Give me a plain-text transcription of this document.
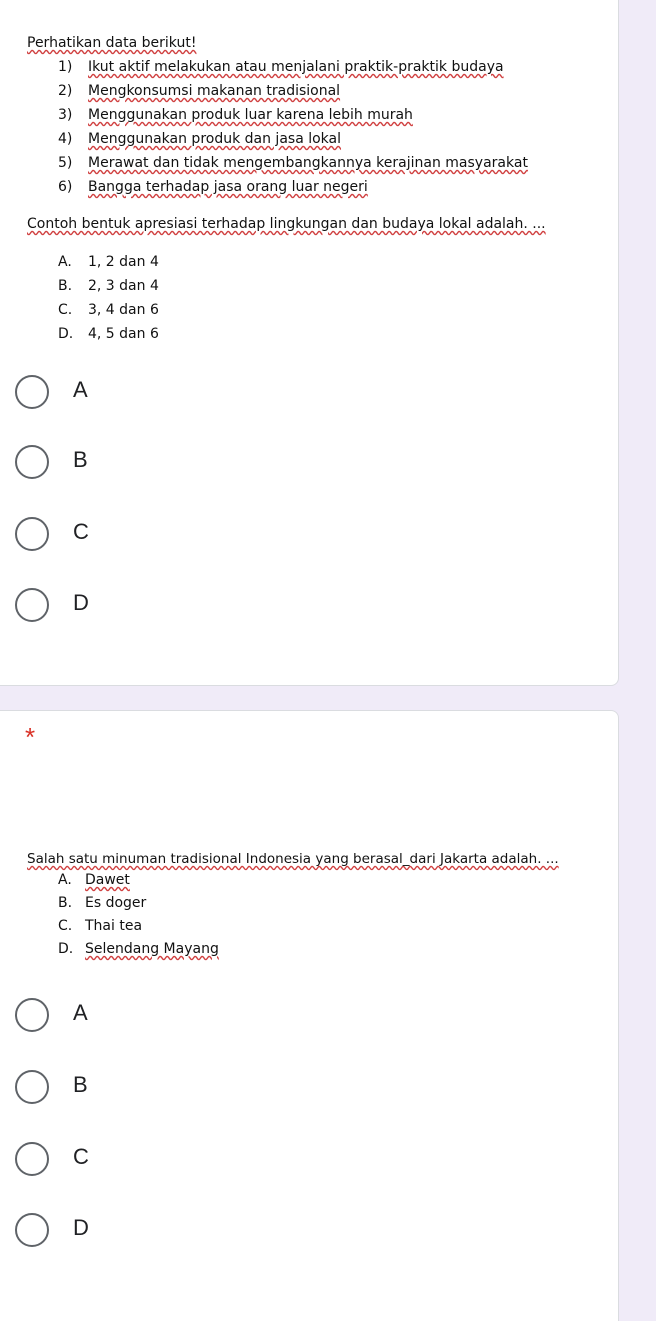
Perhatikan data berikut!
1) Ikut aktif melakukan atau menjalani praktik-praktik budaya
2) Mengkonsumsi makanan tradisional
3) Menggunakan produk luar karena lebih murah
4) Menggunakan produk dan jasa lokal
5) Merawat dan tidak mengembangkannya kerajinan masyarakat
6) Bangga terhadap jasa orang luar negeri
Contoh bentuk apresiasi terhadap lingkungan dan budaya lokal adalah. ...
A. 1, 2 dan 4
B. 2, 3 dan 4
C. 3, 4 dan 6
D. 4, 5 dan 6
A
B
C
D
*
Salah satu minuman tradisional Indonesia yang berasal_dari Jakarta adalah. ...
A. Dawet
B. Es doger
C. Thai tea
D. Selendang Mayang
A
B
C
D
